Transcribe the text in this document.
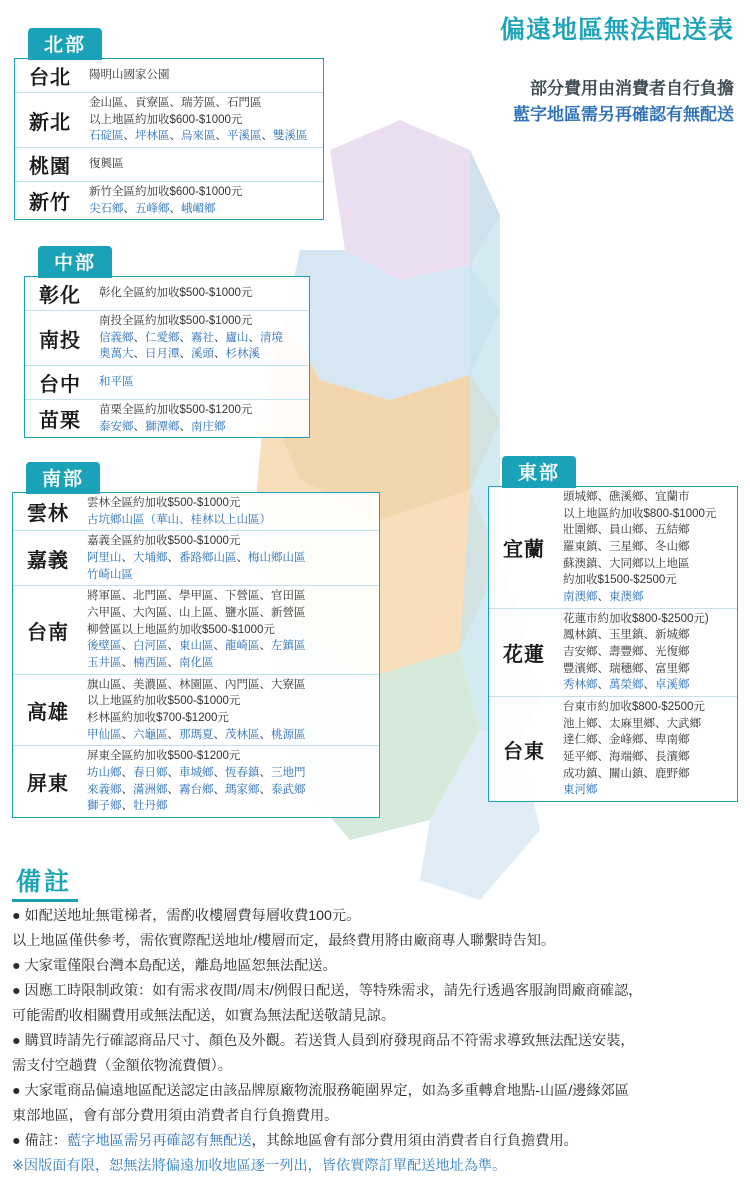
偏遠地區無法配送表
部分費用由消費者自行負擔
藍字地區需另再確認有無配送
北部
台北	陽明山國家公園
新北	金山區、貢寮區、瑞芳區、石門區
以上地區約加收$600-$1000元
石碇區、坪林區、烏來區、平溪區、雙溪區
桃園	復興區
新竹	新竹全區約加收$600-$1000元
尖石鄉、五峰鄉、峨嵋鄉
中部
彰化	彰化全區約加收$500-$1000元
南投	南投全區約加收$500-$1000元
信義鄉、仁愛鄉、霧社、廬山、清境
奧萬大、日月潭、溪頭、杉林溪
台中	和平區
苗栗	苗栗全區約加收$500-$1200元
泰安鄉、獅潭鄉、南庄鄉
南部
雲林	雲林全區約加收$500-$1000元
古坑鄉山區（華山、桂林以上山區）
嘉義	嘉義全區約加收$500-$1000元
阿里山、大埔鄉、番路鄉山區、梅山鄉山區
竹崎山區
台南	將軍區、北門區、學甲區、下營區、官田區
六甲區、大內區、山上區、鹽水區、新營區
柳營區以上地區約加收$500-$1000元
後壁區、白河區、東山區、龍崎區、左鎮區
玉井區、楠西區、南化區
高雄	旗山區、美濃區、林園區、內門區、大寮區
以上地區約加收$500-$1000元
杉林區約加收$700-$1200元
甲仙區、六龜區、那瑪夏、茂林區、桃源區
屏東	屏東全區約加收$500-$1200元
坊山鄉、春日鄉、車城鄉、恆春鎮、三地門
來義鄉、滿洲鄉、霧台鄉、瑪家鄉、泰武鄉
獅子鄉、牡丹鄉
東部
宜蘭	頭城鄉、礁溪鄉、宜蘭市
以上地區約加收$800-$1000元
壯圍鄉、員山鄉、五結鄉
羅東鎮、三星鄉、冬山鄉
蘇澳鎮、大同鄉以上地區
約加收$1500-$2500元
南澳鄉、東澳鄉
花蓮	花蓮市約加收$800-$2500元)
鳳林鎮、玉里鎮、新城鄉
吉安鄉、壽豐鄉、光復鄉
豐濱鄉、瑞穗鄉、富里鄉
秀林鄉、萬榮鄉、卓溪鄉
台東	台東市約加收$800-$2500元
池上鄉、太麻里鄉、大武鄉
達仁鄉、金峰鄉、卑南鄉
延平鄉、海端鄉、長濱鄉
成功鎮、關山鎮、鹿野鄉
東河鄉
備註

● 如配送地址無電梯者，需酌收樓層費每層收費100元。

以上地區僅供參考，需依實際配送地址/樓層而定，最終費用將由廠商專人聯繫時告知。

● 大家電僅限台灣本島配送，離島地區恕無法配送。

● 因應工時限制政策：如有需求夜間/周末/例假日配送，等特殊需求，請先行透過客服詢問廠商確認，

可能需酌收相關費用或無法配送，如實為無法配送敬請見諒。

● 購買時請先行確認商品尺寸、顏色及外觀。若送貨人員到府發現商品不符需求導致無法配送安裝，

需支付空趟費（金額依物流費價）。

● 大家電商品偏遠地區配送認定由該品牌原廠物流服務範圍界定，如為多重轉倉地點-山區/邊緣郊區

東部地區，會有部分費用須由消費者自行負擔費用。

● 備註：藍字地區需另再確認有無配送，其餘地區會有部分費用須由消費者自行負擔費用。

※因版面有限，恕無法將偏遠加收地區逐一列出，皆依實際訂單配送地址為準。
